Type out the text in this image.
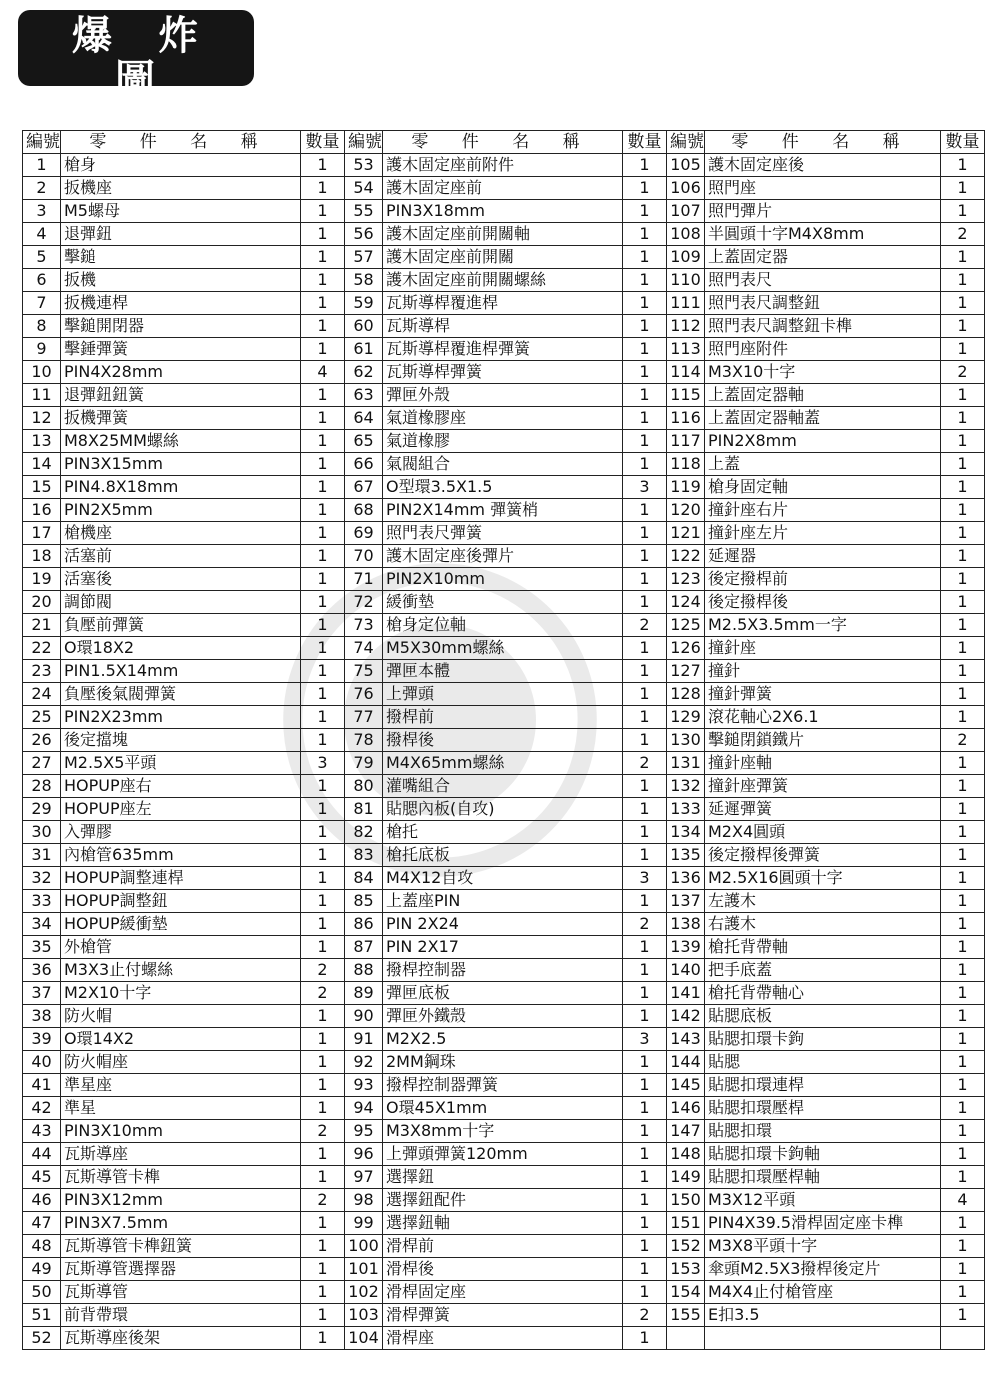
爆 炸 圖
EXPLOS I ON
編號	零 件 名 稱	數量	編號	零 件 名 稱	數量	編號	零 件 名 稱	數量
1	槍身	1	53	護木固定座前附件	1	105	護木固定座後	1
2	扳機座	1	54	護木固定座前	1	106	照門座	1
3	M5螺母	1	55	PIN3X18mm	1	107	照門彈片	1
4	退彈鈕	1	56	護木固定座前開關軸	1	108	半圓頭十字M4X8mm	2
5	擊鎚	1	57	護木固定座前開關	1	109	上蓋固定器	1
6	扳機	1	58	護木固定座前開關螺絲	1	110	照門表尺	1
7	扳機連桿	1	59	瓦斯導桿覆進桿	1	111	照門表尺調整鈕	1
8	擊鎚開閉器	1	60	瓦斯導桿	1	112	照門表尺調整鈕卡榫	1
9	擊錘彈簧	1	61	瓦斯導桿覆進桿彈簧	1	113	照門座附件	1
10	PIN4X28mm	4	62	瓦斯導桿彈簧	1	114	M3X10十字	2
11	退彈鈕鈕簧	1	63	彈匣外殼	1	115	上蓋固定器軸	1
12	扳機彈簧	1	64	氣道橡膠座	1	116	上蓋固定器軸蓋	1
13	M8X25MM螺絲	1	65	氣道橡膠	1	117	PIN2X8mm	1
14	PIN3X15mm	1	66	氣閥組合	1	118	上蓋	1
15	PIN4.8X18mm	1	67	O型環3.5X1.5	3	119	槍身固定軸	1
16	PIN2X5mm	1	68	PIN2X14mm 彈簧梢	1	120	撞針座右片	1
17	槍機座	1	69	照門表尺彈簧	1	121	撞針座左片	1
18	活塞前	1	70	護木固定座後彈片	1	122	延遲器	1
19	活塞後	1	71	PIN2X10mm	1	123	後定撥桿前	1
20	調節閥	1	72	緩衝墊	1	124	後定撥桿後	1
21	負壓前彈簧	1	73	槍身定位軸	2	125	M2.5X3.5mm一字	1
22	O環18X2	1	74	M5X30mm螺絲	1	126	撞針座	1
23	PIN1.5X14mm	1	75	彈匣本體	1	127	撞針	1
24	負壓後氣閥彈簧	1	76	上彈頭	1	128	撞針彈簧	1
25	PIN2X23mm	1	77	撥桿前	1	129	滾花軸心2X6.1	1
26	後定擋塊	1	78	撥桿後	1	130	擊鎚閉鎖鐵片	2
27	M2.5X5平頭	3	79	M4X65mm螺絲	2	131	撞針座軸	1
28	HOPUP座右	1	80	灌嘴組合	1	132	撞針座彈簧	1
29	HOPUP座左	1	81	貼腮內板(自攻)	1	133	延遲彈簧	1
30	入彈膠	1	82	槍托	1	134	M2X4圓頭	1
31	內槍管635mm	1	83	槍托底板	1	135	後定撥桿後彈簧	1
32	HOPUP調整連桿	1	84	M4X12自攻	3	136	M2.5X16圓頭十字	1
33	HOPUP調整鈕	1	85	上蓋座PIN	1	137	左護木	1
34	HOPUP緩衝墊	1	86	PIN 2X24	2	138	右護木	1
35	外槍管	1	87	PIN 2X17	1	139	槍托背帶軸	1
36	M3X3止付螺絲	2	88	撥桿控制器	1	140	把手底蓋	1
37	M2X10十字	2	89	彈匣底板	1	141	槍托背帶軸心	1
38	防火帽	1	90	彈匣外鐵殼	1	142	貼腮底板	1
39	O環14X2	1	91	M2X2.5	3	143	貼腮扣環卡鉤	1
40	防火帽座	1	92	2MM鋼珠	1	144	貼腮	1
41	準星座	1	93	撥桿控制器彈簧	1	145	貼腮扣環連桿	1
42	準星	1	94	O環45X1mm	1	146	貼腮扣環壓桿	1
43	PIN3X10mm	2	95	M3X8mm十字	1	147	貼腮扣環	1
44	瓦斯導座	1	96	上彈頭彈簧120mm	1	148	貼腮扣環卡鉤軸	1
45	瓦斯導管卡榫	1	97	選擇鈕	1	149	貼腮扣環壓桿軸	1
46	PIN3X12mm	2	98	選擇鈕配件	1	150	M3X12平頭	4
47	PIN3X7.5mm	1	99	選擇鈕軸	1	151	PIN4X39.5滑桿固定座卡榫	1
48	瓦斯導管卡榫鈕簧	1	100	滑桿前	1	152	M3X8平頭十字	1
49	瓦斯導管選擇器	1	101	滑桿後	1	153	傘頭M2.5X3撥桿後定片	1
50	瓦斯導管	1	102	滑桿固定座	1	154	M4X4止付槍管座	1
51	前背帶環	1	103	滑桿彈簧	2	155	E扣3.5	1
52	瓦斯導座後架	1	104	滑桿座	1			
